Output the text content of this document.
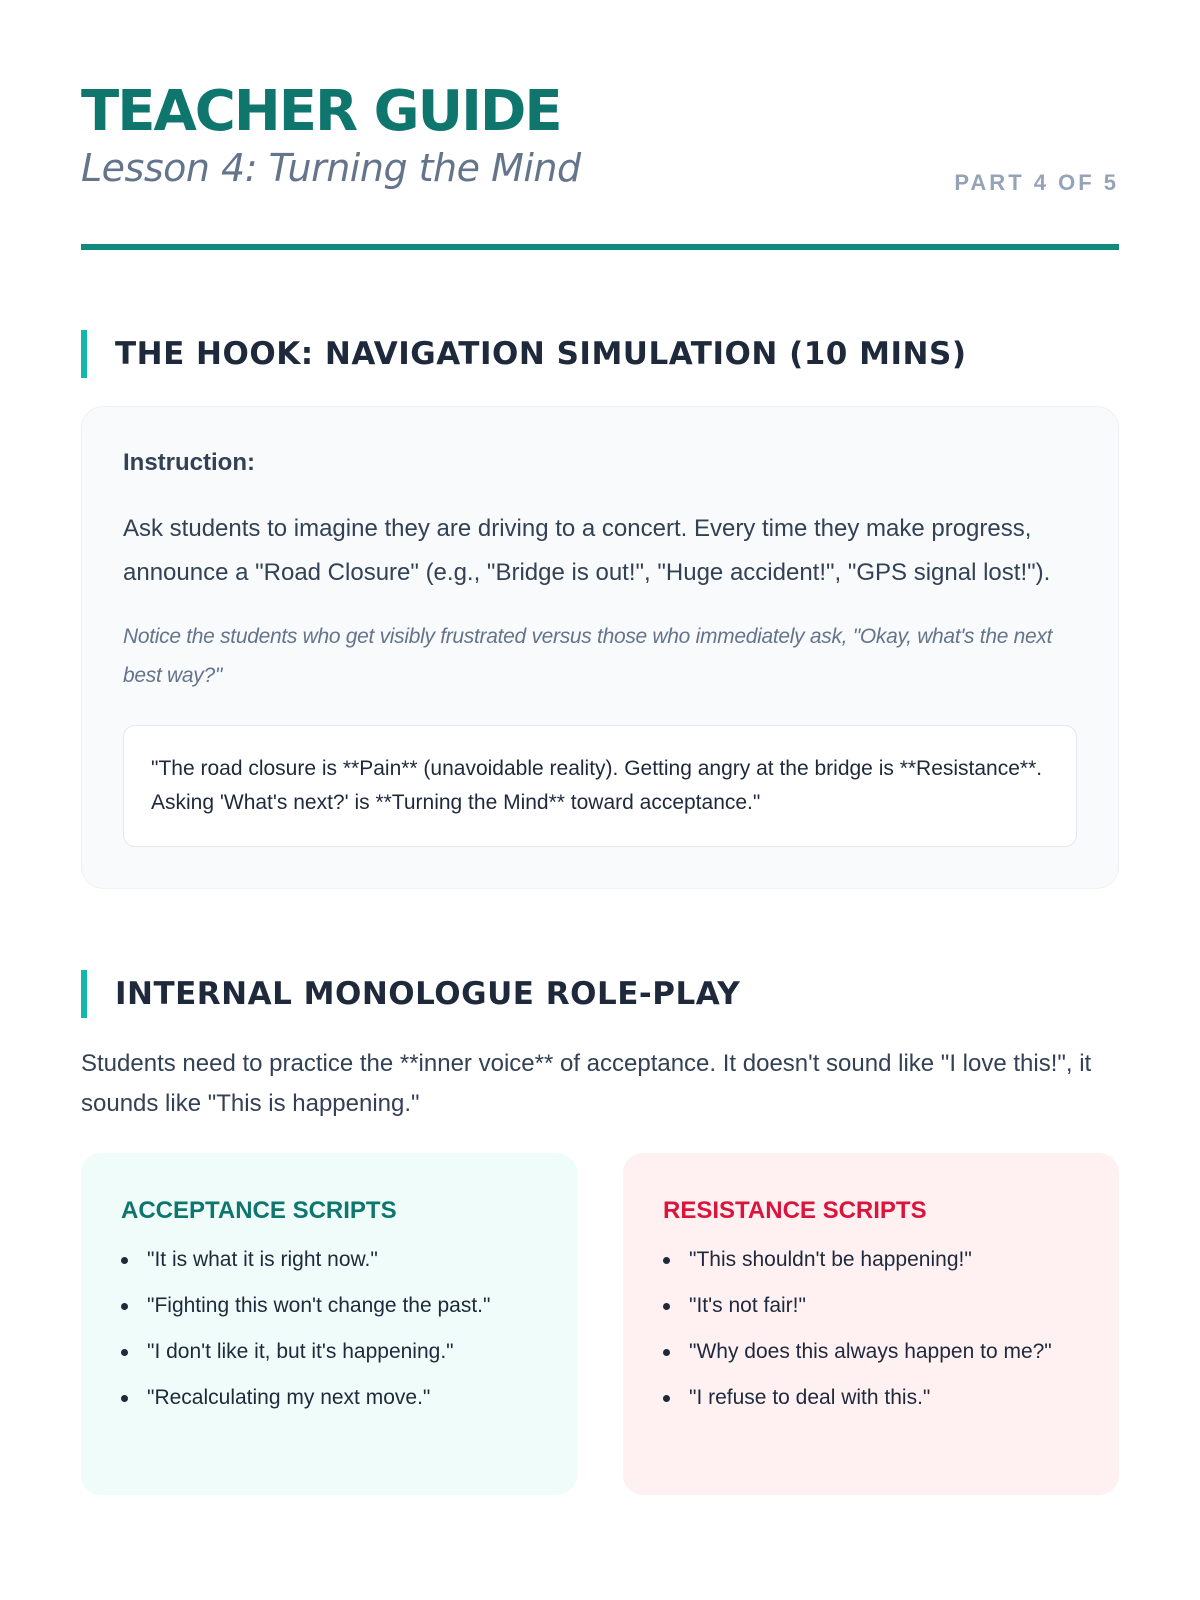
TEACHER GUIDE
Lesson 4: Turning the Mind	PART 4 OF 5
THE HOOK: NAVIGATION SIMULATION (10 MINS)
Instruction:

Ask students to imagine they are driving to a concert. Every time they make progress, announce a "Road Closure" (e.g., "Bridge is out!", "Huge accident!", "GPS signal lost!").

Notice the students who get visibly frustrated versus those who immediately ask, "Okay, what's the next best way?"

"The road closure is **Pain** (unavoidable reality). Getting angry at the bridge is **Resistance**. Asking 'What's next?' is **Turning the Mind** toward acceptance."
INTERNAL MONOLOGUE ROLE-PLAY

Students need to practice the **inner voice** of acceptance. It doesn't sound like "I love this!", it sounds like "This is happening."

ACCEPTANCE SCRIPTS
"It is what it is right now."
"Fighting this won't change the past."
"I don't like it, but it's happening."
"Recalculating my next move."
RESISTANCE SCRIPTS
"This shouldn't be happening!"
"It's not fair!"
"Why does this always happen to me?"
"I refuse to deal with this."
